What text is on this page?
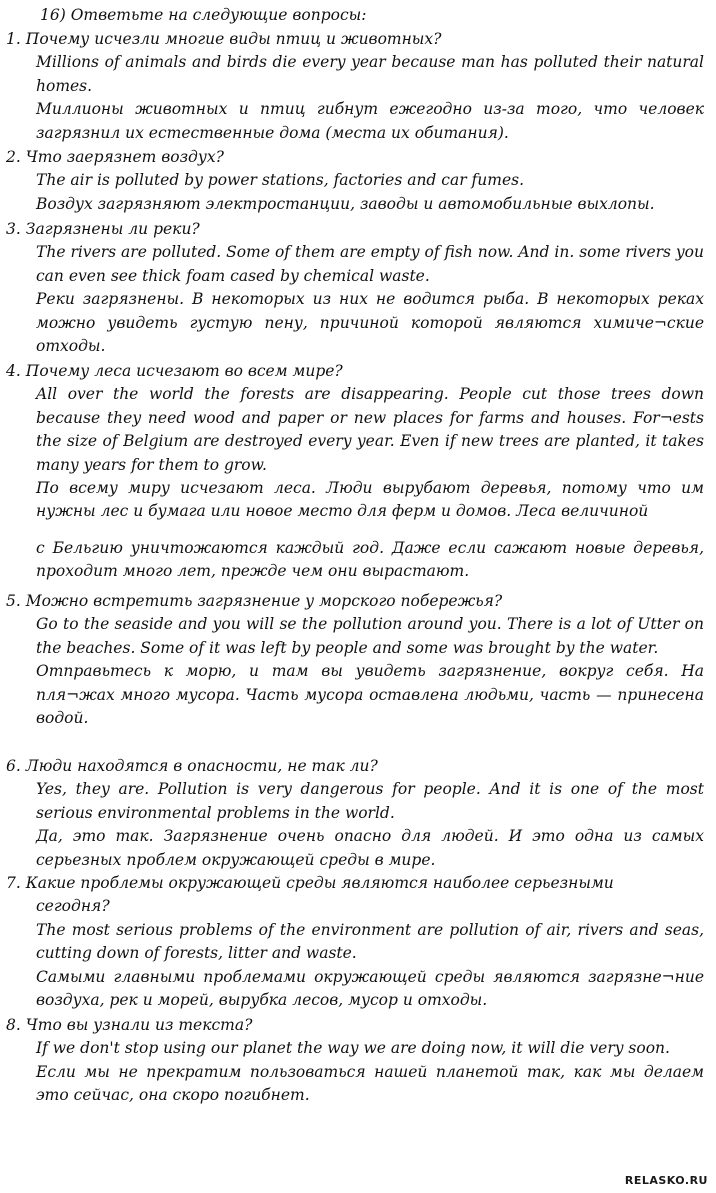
16) Ответьте на следующие вопросы:

1. Почему исчезли многие виды птиц и животных?

Millions of animals and birds die every year because man has polluted their natural homes.

Миллионы животных и птиц гибнут ежегодно из-за того, что человек загрязнил их естественные дома (места их обитания).

2. Что заерязнет воздух?

The air is polluted by power stations, factories and car fumes.

Воздух загрязняют электростанции, заводы и автомобильные выхлопы.

3. Загрязнены ли реки?

The rivers are polluted. Some of them are empty of fish now. And in. some rivers you can even see thick foam cased by chemical waste.

Реки загрязнены. В некоторых из них не водится рыба. В некоторых реках можно увидеть густую пену, причиной которой являются химиче¬ские отходы.

4. Почему леса исчезают во всем мире?

All over the world the forests are disappearing. People cut those trees down because they need wood and paper or new places for farms and houses. For¬ests the size of Belgium are destroyed every year. Even if new trees are planted, it takes many years for them to grow.

По всему миру исчезают леса. Люди вырубают деревья, потому что им нужны лес и бумага или новое место для ферм и домов. Леса величиной

с Бельгию уничтожаются каждый год. Даже если сажают новые деревья, проходит много лет, прежде чем они вырастают.

5. Можно встретить загрязнение у морского побережья?

Go to the seaside and you will se the pollution around you. There is a lot of Utter on the beaches. Some of it was left by people and some was brought by the water.

Отправьтесь к морю, и там вы увидеть загрязнение, вокруг себя. На пля¬жах много мусора. Часть мусора оставлена людьми, часть — принесена водой.

6. Люди находятся в опасности, не так ли?

Yes, they are. Pollution is very dangerous for people. And it is one of the most serious environmental problems in the world.

Да, это так. Загрязнение очень опасно для людей. И это одна из самых серьезных проблем окружающей среды в мире.

7. Какие проблемы окружающей среды являются наиболее серьезными
сегодня?

The most serious problems of the environment are pollution of air, rivers and seas, cutting down of forests, litter and waste.

Самыми главными проблемами окружающей среды являются загрязне¬ние воздуха, рек и морей, вырубка лесов, мусор и отходы.

8. Что вы узнали из текста?

If we don't stop using our planet the way we are doing now, it will die very soon.

Если мы не прекратим пользоваться нашей планетой так, как мы делаем это сейчас, она скоро погибнет.

RELASKO.RU
